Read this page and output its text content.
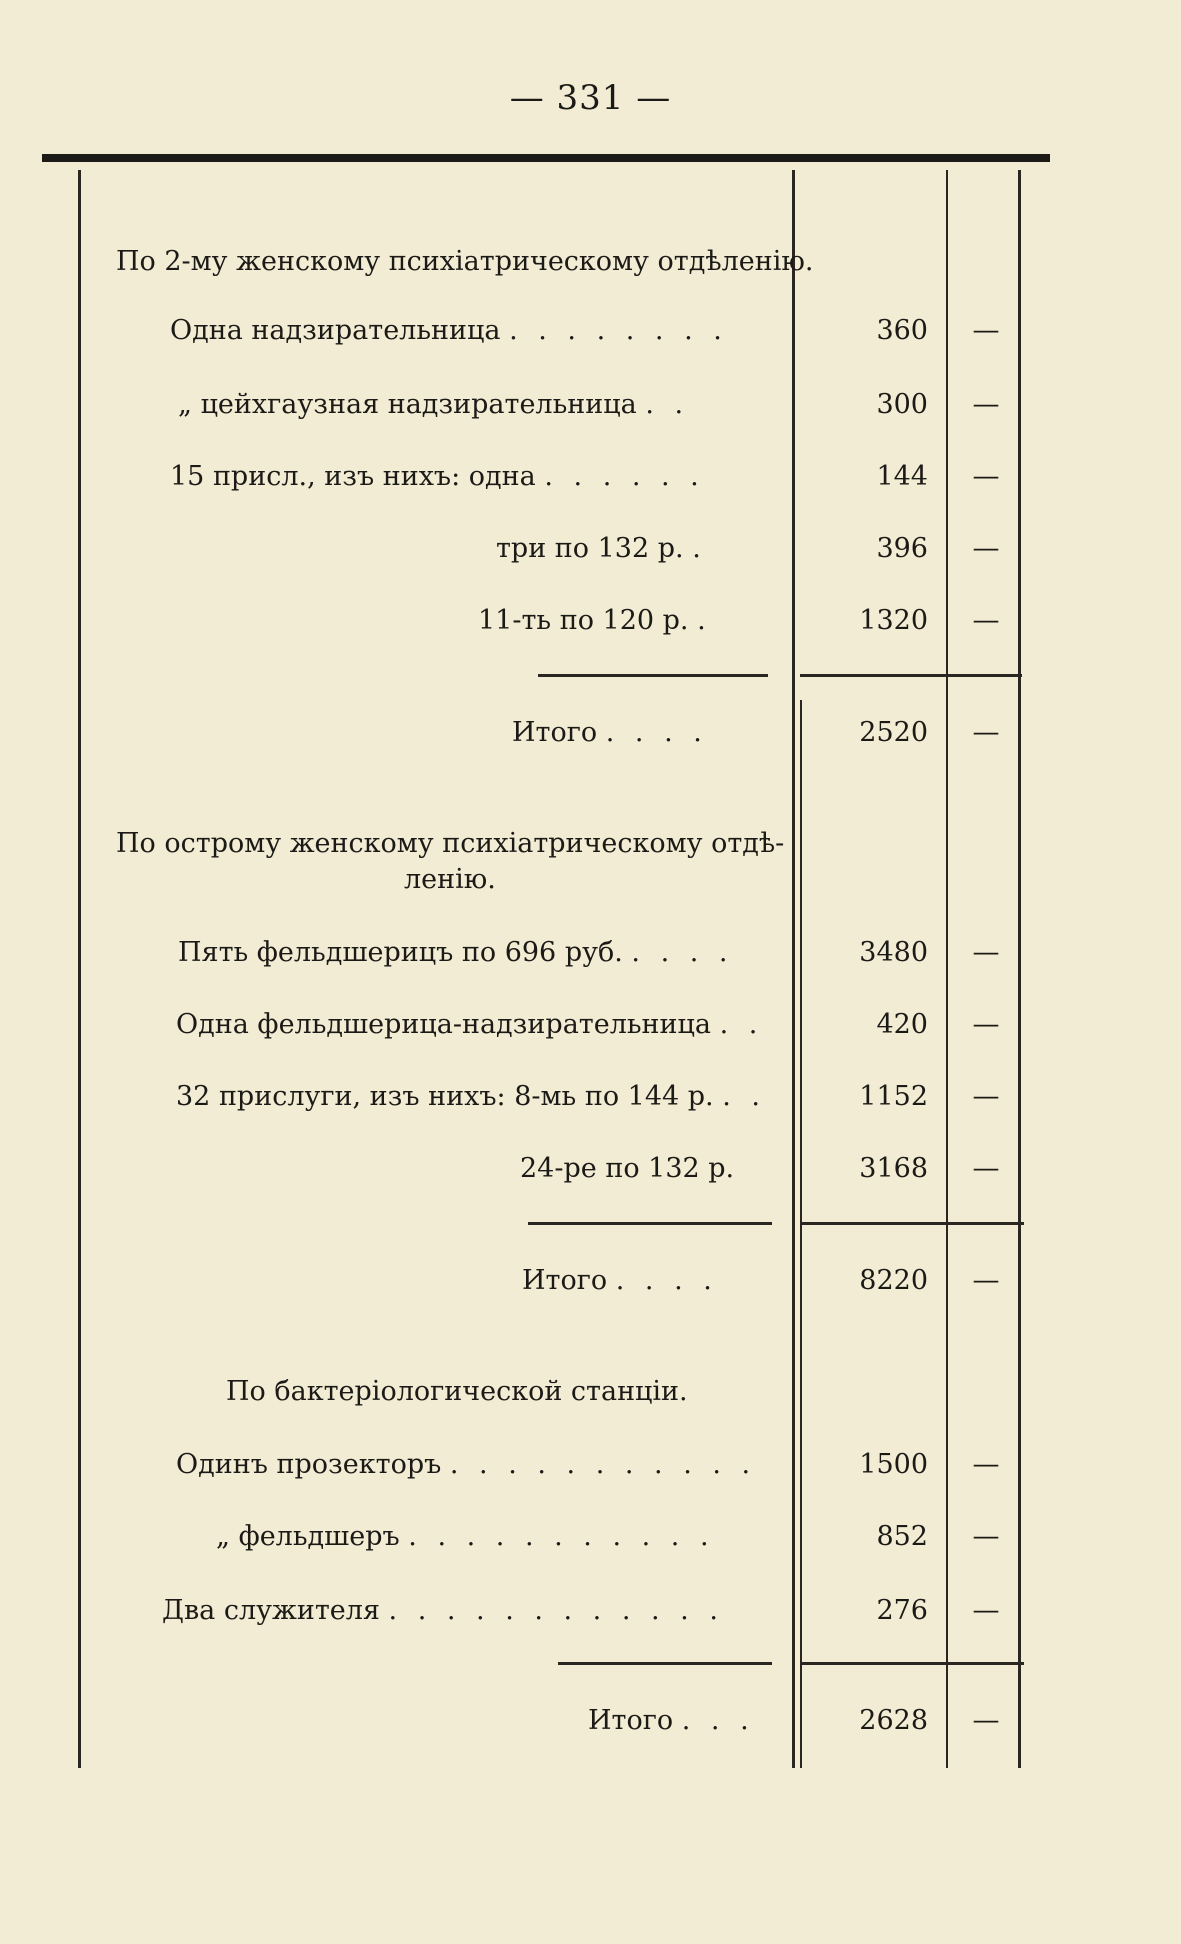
— 331 —
По 2-му женскому психіатрическому отдѣленію.
Одна надзирательница . . . . . . . .	360	—
„ цейхгаузная надзирательница . .	300	—
15 присл., изъ нихъ: одна . . . . . .	144	—
три по 132 р. .	396	—
11-ть по 120 р. .	1320	—
Итого . . . .	2520	—
По острому женскому психіатрическому отдѣ-
ленію.
Пять фельдшерицъ по 696 руб. . . . .	3480	—
Одна фельдшерица-надзирательница . .	420	—
32 прислуги, изъ нихъ: 8-мь по 144 р. . .	1152	—
24-ре по 132 р.	3168	—
Итого . . . .	8220	—
По бактеріологической станціи.
Одинъ прозекторъ . . . . . . . . . . .	1500	—
„ фельдшеръ . . . . . . . . . . .	852	—
Два служителя . . . . . . . . . . . .	276	—
Итого . . .	2628	—
